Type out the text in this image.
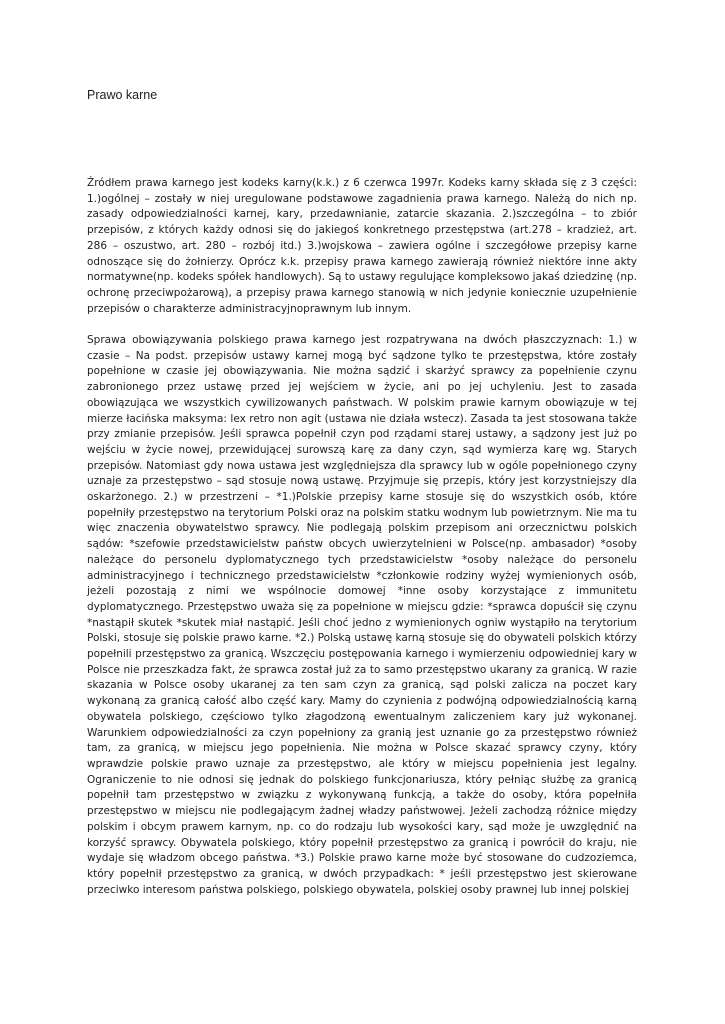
Prawo karne

Źródłem prawa karnego jest kodeks karny(k.k.) z 6 czerwca 1997r. Kodeks karny składa się z 3 części: 1.)ogólnej – zostały w niej uregulowane podstawowe zagadnienia prawa karnego. Należą do nich np. zasady odpowiedzialności karnej, kary, przedawnianie, zatarcie skazania. 2.)szczególna – to zbiór przepisów, z których każdy odnosi się do jakiegoś konkretnego przestępstwa (art.278 – kradzież, art. 286 – oszustwo, art. 280 – rozbój itd.) 3.)wojskowa – zawiera ogólne i szczegółowe przepisy karne odnoszące się do żołnierzy. Oprócz k.k. przepisy prawa karnego zawierają również niektóre inne akty normatywne(np. kodeks spółek handlowych). Są to ustawy regulujące kompleksowo jakaś dziedzinę (np. ochronę przeciwpożarową), a przepisy prawa karnego stanowią w nich jedynie koniecznie uzupełnienie przepisów o charakterze administracyjnoprawnym lub innym.

Sprawa obowiązywania polskiego prawa karnego jest rozpatrywana na dwóch płaszczyznach: 1.) w czasie – Na podst. przepisów ustawy karnej mogą być sądzone tylko te przestępstwa, które zostały popełnione w czasie jej obowiązywania. Nie można sądzić i skarżyć sprawcy za popełnienie czynu zabronionego przez ustawę przed jej wejściem w życie, ani po jej uchyleniu. Jest to zasada obowiązująca we wszystkich cywilizowanych państwach. W polskim prawie karnym obowiązuje w tej mierze łacińska maksyma: lex retro non agit (ustawa nie działa wstecz). Zasada ta jest stosowana także przy zmianie przepisów. Jeśli sprawca popełnił czyn pod rządami starej ustawy, a sądzony jest już po wejściu w życie nowej, przewidującej surowszą karę za dany czyn, sąd wymierza karę wg. Starych przepisów. Natomiast gdy nowa ustawa jest względniejsza dla sprawcy lub w ogóle popełnionego czyny uznaje za przestępstwo – sąd stosuje nową ustawę. Przyjmuje się przepis, który jest korzystniejszy dla oskarżonego. 2.) w przestrzeni – *1.)Polskie przepisy karne stosuje się do wszystkich osób, które popełniły przestępstwo na terytorium Polski oraz na polskim statku wodnym lub powietrznym. Nie ma tu więc znaczenia obywatelstwo sprawcy. Nie podlegają polskim przepisom ani orzecznictwu polskich sądów: *szefowie przedstawicielstw państw obcych uwierzytelnieni w Polsce(np. ambasador) *osoby należące do personelu dyplomatycznego tych przedstawicielstw *osoby należące do personelu administracyjnego i technicznego przedstawicielstw *członkowie rodziny wyżej wymienionych osób, jeżeli pozostają z nimi we wspólnocie domowej *inne osoby korzystające z immunitetu dyplomatycznego. Przestępstwo uważa się za popełnione w miejscu gdzie: *sprawca dopuścił się czynu *nastąpił skutek *skutek miał nastąpić. Jeśli choć jedno z wymienionych ogniw wystąpiło na terytorium Polski, stosuje się polskie prawo karne. *2.) Polską ustawę karną stosuje się do obywateli polskich którzy popełnili przestępstwo za granicą. Wszczęciu postępowania karnego i wymierzeniu odpowiedniej kary w Polsce nie przeszkadza fakt, że sprawca został już za to samo przestępstwo ukarany za granicą. W razie skazania w Polsce osoby ukaranej za ten sam czyn za granicą, sąd polski zalicza na poczet kary wykonaną za granicą całość albo część kary. Mamy do czynienia z podwójną odpowiedzialnością karną obywatela polskiego, częściowo tylko złagodzoną ewentualnym zaliczeniem kary już wykonanej. Warunkiem odpowiedzialności za czyn popełniony za granią jest uznanie go za przestępstwo również tam, za granicą, w miejscu jego popełnienia. Nie można w Polsce skazać sprawcy czyny, który wprawdzie polskie prawo uznaje za przestępstwo, ale który w miejscu popełnienia jest legalny. Ograniczenie to nie odnosi się jednak do polskiego funkcjonariusza, który pełniąc służbę za granicą popełnił tam przestępstwo w związku z wykonywaną funkcją, a także do osoby, która popełniła przestępstwo w miejscu nie podlegającym żadnej władzy państwowej. Jeżeli zachodzą różnice między polskim i obcym prawem karnym, np. co do rodzaju lub wysokości kary, sąd może je uwzględnić na korzyść sprawcy. Obywatela polskiego, który popełnił przestępstwo za granicą i powrócił do kraju, nie wydaje się władzom obcego państwa. *3.) Polskie prawo karne może być stosowane do cudzoziemca, który popełnił przestępstwo za granicą, w dwóch przypadkach: * jeśli przestępstwo jest skierowane przeciwko interesom państwa polskiego, polskiego obywatela, polskiej osoby prawnej lub innej polskiej
